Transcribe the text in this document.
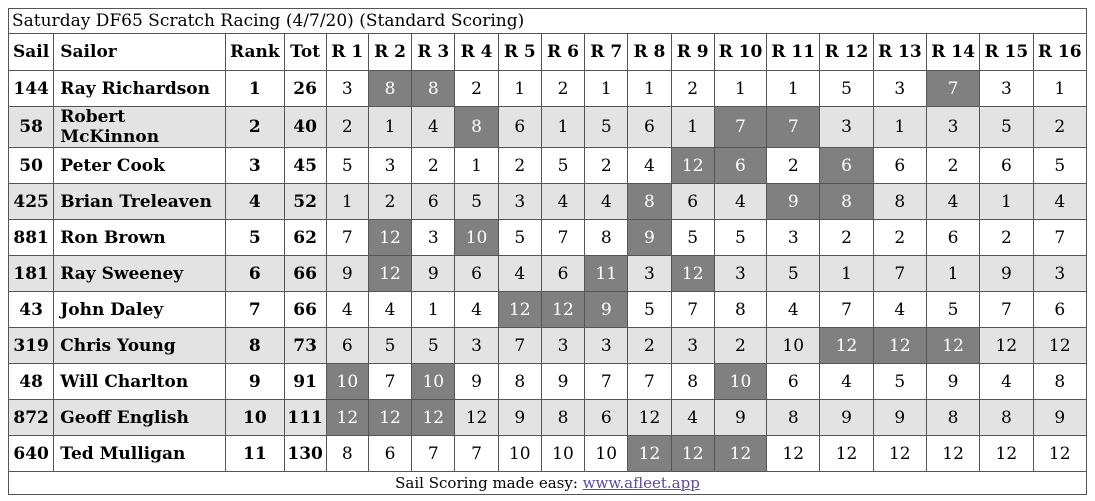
Saturday DF65 Scratch Racing (4/7/20) (Standard Scoring)																			
Sail	Sailor	Rank	Tot	R 1	R 2	R 3	R 4	R 5	R 6	R 7	R 8	R 9	R 10	R 11	R 12	R 13	R 14	R 15	R 16
144	Ray Richardson	1	26	3	8	8	2	1	2	1	1	2	1	1	5	3	7	3	1
58	Robert McKinnon	2	40	2	1	4	8	6	1	5	6	1	7	7	3	1	3	5	2
50	Peter Cook	3	45	5	3	2	1	2	5	2	4	12	6	2	6	6	2	6	5
425	Brian Treleaven	4	52	1	2	6	5	3	4	4	8	6	4	9	8	8	4	1	4
881	Ron Brown	5	62	7	12	3	10	5	7	8	9	5	5	3	2	2	6	2	7
181	Ray Sweeney	6	66	9	12	9	6	4	6	11	3	12	3	5	1	7	1	9	3
43	John Daley	7	66	4	4	1	4	12	12	9	5	7	8	4	7	4	5	7	6
319	Chris Young	8	73	6	5	5	3	7	3	3	2	3	2	10	12	12	12	12	12
48	Will Charlton	9	91	10	7	10	9	8	9	7	7	8	10	6	4	5	9	4	8
872	Geoff English	10	111	12	12	12	12	9	8	6	12	4	9	8	9	9	8	8	9
640	Ted Mulligan	11	130	8	6	7	7	10	10	10	12	12	12	12	12	12	12	12	12
Sail Scoring made easy: www.afleet.app																			
